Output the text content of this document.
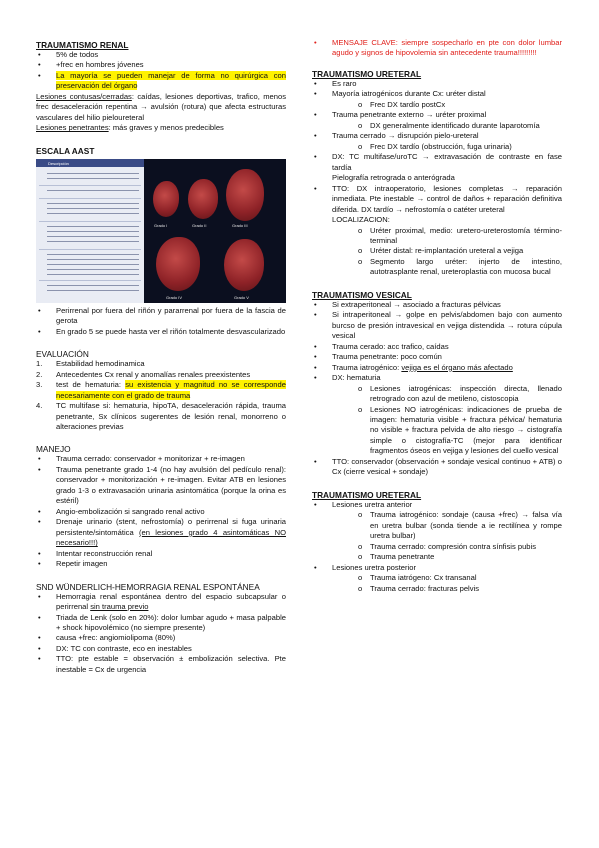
TRAUMATISMO RENAL
• 5% de todos
• +frec en hombres jóvenes
• La mayoría se pueden manejar de forma no quirúrgica con preservación del órgano

Lesiones contusas/cerradas: caídas, lesiones deportivas, trafico, menos frec desaceleración repentina → avulsión (rotura) que afecta estructuras vasculares del hilio pieloureteral

Lesiones penetrantes: más graves y menos predecibles

ESCALA AAST
Descripción
Grado I	Grado II	Grado III
Grado IV	Grado V
• Perirrenal por fuera del riñón y pararrenal por fuera de la fascia de gerota
• En grado 5 se puede hasta ver el riñón totalmente desvascularizado
EVALUACIÓN
1. Estabilidad hemodinamica
2. Antecedentes Cx renal y anomalías renales preexistentes
3. test de hematuria: su existencia y magnitud no se corresponde necesariamente con el grado de trauma
4. TC multifase si: hematuria, hipoTA, desaceleración rápida, trauma penetrante, Sx clínicos sugerentes de lesión renal, monorreno o alteraciones previas
MANEJO
• Trauma cerrado: conservador + monitorizar + re-imagen
• Trauma penetrante grado 1-4 (no hay avulsión del pedículo renal): conservador + monitorización + re-imagen. Evitar ATB en lesiones grado 1-3 o extravasación urinaria asintomática (porque la orina es estéril)
• Angio-embolización si sangrado renal activo
• Drenaje urinario (stent, nefrostomía) o perirrenal si fuga urinaria persistente/sintomática (en lesiones grado 4 asintomáticas NO necesario!!!)
• Intentar reconstrucción renal
• Repetir imagen
SND WÜNDERLICH-HEMORRAGIA RENAL ESPONTÁNEA
• Hemorragia renal espontánea dentro del espacio subcapsular o perirrenal sin trauma previo
• Triada de Lenk (solo en 20%): dolor lumbar agudo + masa palpable + shock hipovolémico (no siempre presente)
• causa +frec: angiomiolipoma (80%)
• DX: TC con contraste, eco en inestables
• TTO: pte estable = observación ± embolización selectiva. Pte inestable = Cx de urgencia
• MENSAJE CLAVE: siempre sospecharlo en pte con dolor lumbar agudo y signos de hipovolemia sin antecedente trauma!!!!!!!!!
TRAUMATISMO URETERAL
• Es raro
• Mayoría iatrogénicos durante Cx: uréter distal
o Frec DX tardío postCx
• Trauma penetrante externo → uréter proximal
o DX generalmente identificado durante laparotomía
• Trauma cerrado → disrupción pielo-ureteral
o Frec DX tardío (obstrucción, fuga urinaria)
• DX: TC multifase/uroTC → extravasación de contraste en fase tardía
Pielografía retrograda o anterógrada
• TTO: DX intraoperatorio, lesiones completas → reparación inmediata. Pte inestable → control de daños + reparación definitiva diferida. DX tardío → nefrostomía o catéter ureteral
LOCALIZACION:
o Uréter proximal, medio: uretero-ureterostomía término-terminal
o Uréter distal: re-implantación ureteral a vejiga
o Segmento largo uréter: injerto de intestino, autotrasplante renal, ureteroplastia con mucosa bucal
TRAUMATISMO VESICAL
• Si extraperitoneal → asociado a fracturas pélvicas
• Si intraperitoneal → golpe en pelvis/abdomen bajo con aumento burcso de presión intravesical en vejiga distendida → rotura cúpula vesical
• Trauma cerado: acc trafico, caídas
• Trauma penetrante: poco común
• Trauma iatrogénico: vejiga es el órgano más afectado
• DX: hematuria
o Lesiones iatrogénicas: inspección directa, llenado retrogrado con azul de metileno, cistoscopia
o Lesiones NO iatrogénicas: indicaciones de prueba de imagen: hematuria visible + fractura pélvica/ hematuria no visible + fractura pelvida de alto riesgo → cistografía simple o cistografía-TC (mejor para identificar fragmentos óseos en vejiga y lesiones del cuello vesical
• TTO: conservador (observación + sondaje vesical continuo + ATB) o Cx (cierre vesical + sondaje)
TRAUMATISMO URETERAL
• Lesiones uretra anterior
o Trauma iatrogénico: sondaje (causa +frec) → falsa vía en uretra bulbar (sonda tiende a ie rectilínea y rompe uretra bulbar)
o Trauma cerrado: compresión contra sínfisis pubis
o Trauma penetrante
• Lesiones uretra posterior
o Trauma iatrógeno: Cx transanal
o Trauma cerrado: fracturas pelvis
